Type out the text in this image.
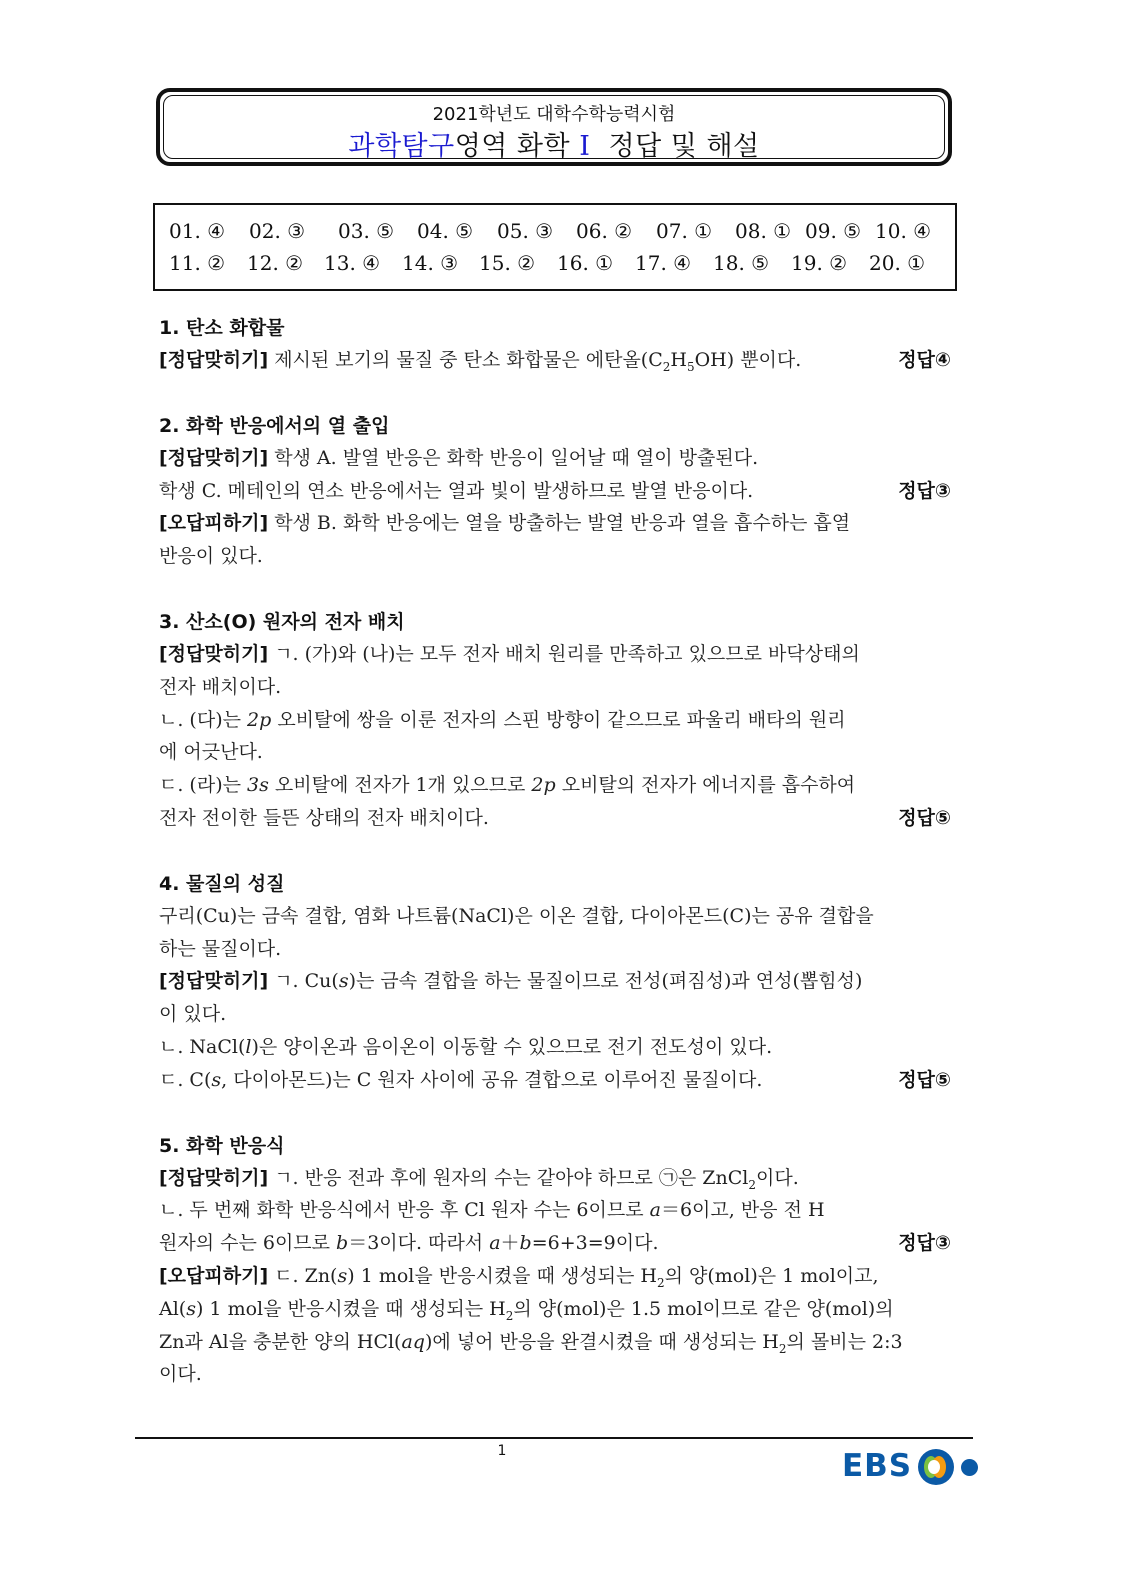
2021학년도 대학수학능력시험
과학탐구영역 화학 Ⅰ 정답 및 해설
01. ④ 02. ③ 03. ⑤ 04. ⑤ 05. ③ 06. ② 07. ① 08. ① 09. ⑤ 10. ④
11. ② 12. ② 13. ④ 14. ③ 15. ② 16. ① 17. ④ 18. ⑤ 19. ② 20. ①
1. 탄소 화합물
[정답맞히기] 제시된 보기의 물질 중 탄소 화합물은 에탄올$(C_2H_5OH)$ 뿐이다.	정답④
2. 화학 반응에서의 열 출입
[정답맞히기] 학생 A. 발열 반응은 화학 반응이 일어날 때 열이 방출된다.
학생 C. 메테인의 연소 반응에서는 열과 빛이 발생하므로 발열 반응이다.	정답③
[오답피하기] 학생 B. 화학 반응에는 열을 방출하는 발열 반응과 열을 흡수하는 흡열
반응이 있다.
3. 산소(O) 원자의 전자 배치
[정답맞히기] ㄱ. (가)와 (나)는 모두 전자 배치 원리를 만족하고 있으므로 바닥상태의
전자 배치이다.
ㄴ. (다)는 2p 오비탈에 쌍을 이룬 전자의 스핀 방향이 같으므로 파울리 배타의 원리
에 어긋난다.
ㄷ. (라)는 3s 오비탈에 전자가 1개 있으므로 2p 오비탈의 전자가 에너지를 흡수하여
전자 전이한 들뜬 상태의 전자 배치이다.	정답⑤
4. 물질의 성질
구리(Cu)는 금속 결합, 염화 나트륨(NaCl)은 이온 결합, 다이아몬드(C)는 공유 결합을
하는 물질이다.
[정답맞히기] ㄱ. Cu(s)는 금속 결합을 하는 물질이므로 전성(펴짐성)과 연성(뽑힘성)
이 있다.
ㄴ. NaCl(l)은 양이온과 음이온이 이동할 수 있으므로 전기 전도성이 있다.
ㄷ. C(s, 다이아몬드)는 C 원자 사이에 공유 결합으로 이루어진 물질이다.	정답⑤
5. 화학 반응식
[정답맞히기] ㄱ. 반응 전과 후에 원자의 수는 같아야 하므로 ㉠은 ZnCl$_2$이다.
ㄴ. 두 번째 화학 반응식에서 반응 후 Cl 원자 수는 6이므로 a＝6이고, 반응 전 H
원자의 수는 6이므로 b＝3이다. 따라서 a＋b=6+3=9이다.	정답③
[오답피하기] ㄷ. Zn(s) 1 mol을 반응시켰을 때 생성되는 $H_2$의 양(mol)은 1 mol이고,
Al(s) 1 mol을 반응시켰을 때 생성되는 $H_2$의 양(mol)은 1.5 mol이므로 같은 양(mol)의
Zn과 Al을 충분한 양의 HCl(aq)에 넣어 반응을 완결시켰을 때 생성되는 $H_2$의 몰비는 2:3
이다.
1	EBS
